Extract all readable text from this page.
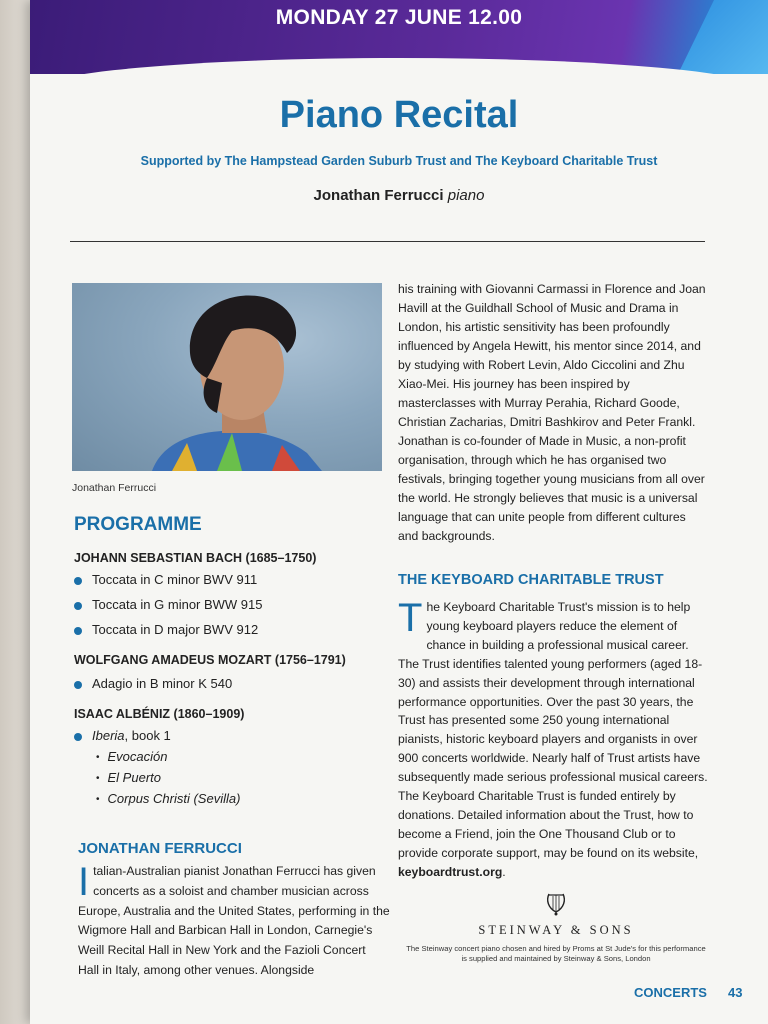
MONDAY 27 JUNE 12.00
Piano Recital
Supported by The Hampstead Garden Suburb Trust and The Keyboard Charitable Trust
Jonathan Ferrucci piano
Jonathan Ferrucci
PROGRAMME
JOHANN SEBASTIAN BACH (1685–1750)
Toccata in C minor BWV 911
Toccata in G minor BWW 915
Toccata in D major BWV 912
WOLFGANG AMADEUS MOZART (1756–1791)
Adagio in B minor K 540
ISAAC ALBÉNIZ (1860–1909)
Iberia, book 1
• Evocación
• El Puerto
• Corpus Christi (Sevilla)
JONATHAN FERRUCCI
Italian-Australian pianist Jonathan Ferrucci has given concerts as a soloist and chamber musician across Europe, Australia and the United States, performing in the Wigmore Hall and Barbican Hall in London, Carnegie's Weill Recital Hall in New York and the Fazioli Concert Hall in Italy, among other venues. Alongside
his training with Giovanni Carmassi in Florence and Joan Havill at the Guildhall School of Music and Drama in London, his artistic sensitivity has been profoundly influenced by Angela Hewitt, his mentor since 2014, and by studying with Robert Levin, Aldo Ciccolini and Zhu Xiao-Mei. His journey has been inspired by masterclasses with Murray Perahia, Richard Goode, Christian Zacharias, Dmitri Bashkirov and Peter Frankl. Jonathan is co-founder of Made in Music, a non-profit organisation, through which he has organised two festivals, bringing together young musicians from all over the world. He strongly believes that music is a universal language that can unite people from different cultures and backgrounds.
THE KEYBOARD CHARITABLE TRUST
The Keyboard Charitable Trust's mission is to help young keyboard players reduce the element of chance in building a professional musical career. The Trust identifies talented young performers (aged 18-30) and assists their development through international performance opportunities. Over the past 30 years, the Trust has presented some 250 young international pianists, historic keyboard players and organists in over 900 concerts worldwide. Nearly half of Trust artists have subsequently made serious professional musical careers. The Keyboard Charitable Trust is funded entirely by donations. Detailed information about the Trust, how to become a Friend, join the One Thousand Club or to provide corporate support, may be found on its website, keyboardtrust.org.
STEINWAY & SONS
The Steinway concert piano chosen and hired by Proms at St Jude's for this performance is supplied and maintained by Steinway & Sons, London
CONCERTS 43
